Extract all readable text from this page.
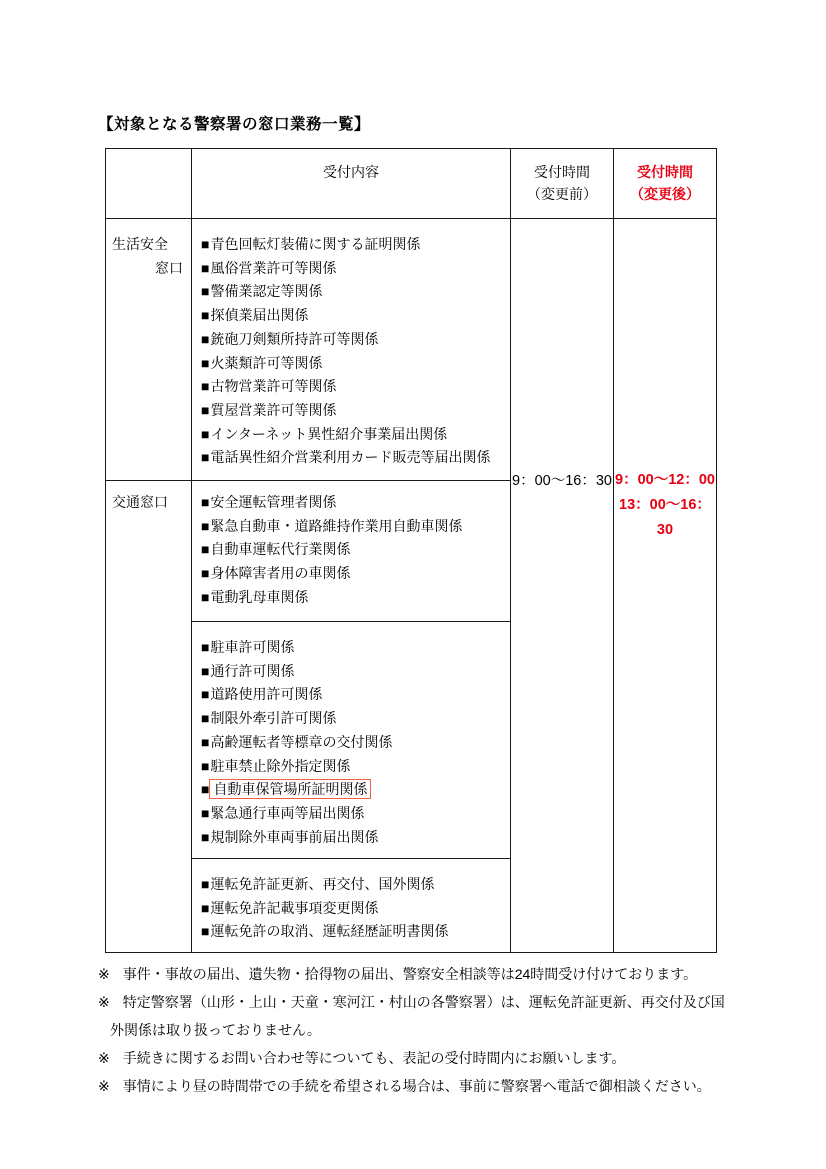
【対象となる警察署の窓口業務一覧】
受付内容	受付時間
（変更前）
受付時間
（変更後）
生活安全
窓口
■青色回転灯装備に関する証明関係
■風俗営業許可等関係
■警備業認定等関係
■探偵業届出関係
■銃砲刀剣類所持許可等関係
■火薬類許可等関係
■古物営業許可等関係
■質屋営業許可等関係
■インターネット異性紹介事業届出関係
■電話異性紹介営業利用カード販売等届出関係
交通窓口	■安全運転管理者関係
■緊急自動車・道路維持作業用自動車関係
■自動車運転代行業関係
■身体障害者用の車関係
■電動乳母車関係
■駐車許可関係
■通行許可関係
■道路使用許可関係
■制限外牽引許可関係
■高齢運転者等標章の交付関係
■駐車禁止除外指定関係
■ 自動車保管場所証明関係
■緊急通行車両等届出関係
■規制除外車両事前届出関係
■運転免許証更新、再交付、国外関係
■運転免許記載事項変更関係
■運転免許の取消、運転経歴証明書関係
9：00～16：30 9：00～12：00
13：00～16：30
※ 事件・事故の届出、遺失物・拾得物の届出、警察安全相談等は24時間受け付けております。
※ 特定警察署（山形・上山・天童・寒河江・村山の各警察署）は、運転免許証更新、再交付及び国外関係は取り扱っておりません。
※ 手続きに関するお問い合わせ等についても、表記の受付時間内にお願いします。
※ 事情により昼の時間帯での手続を希望される場合は、事前に警察署へ電話で御相談ください。
